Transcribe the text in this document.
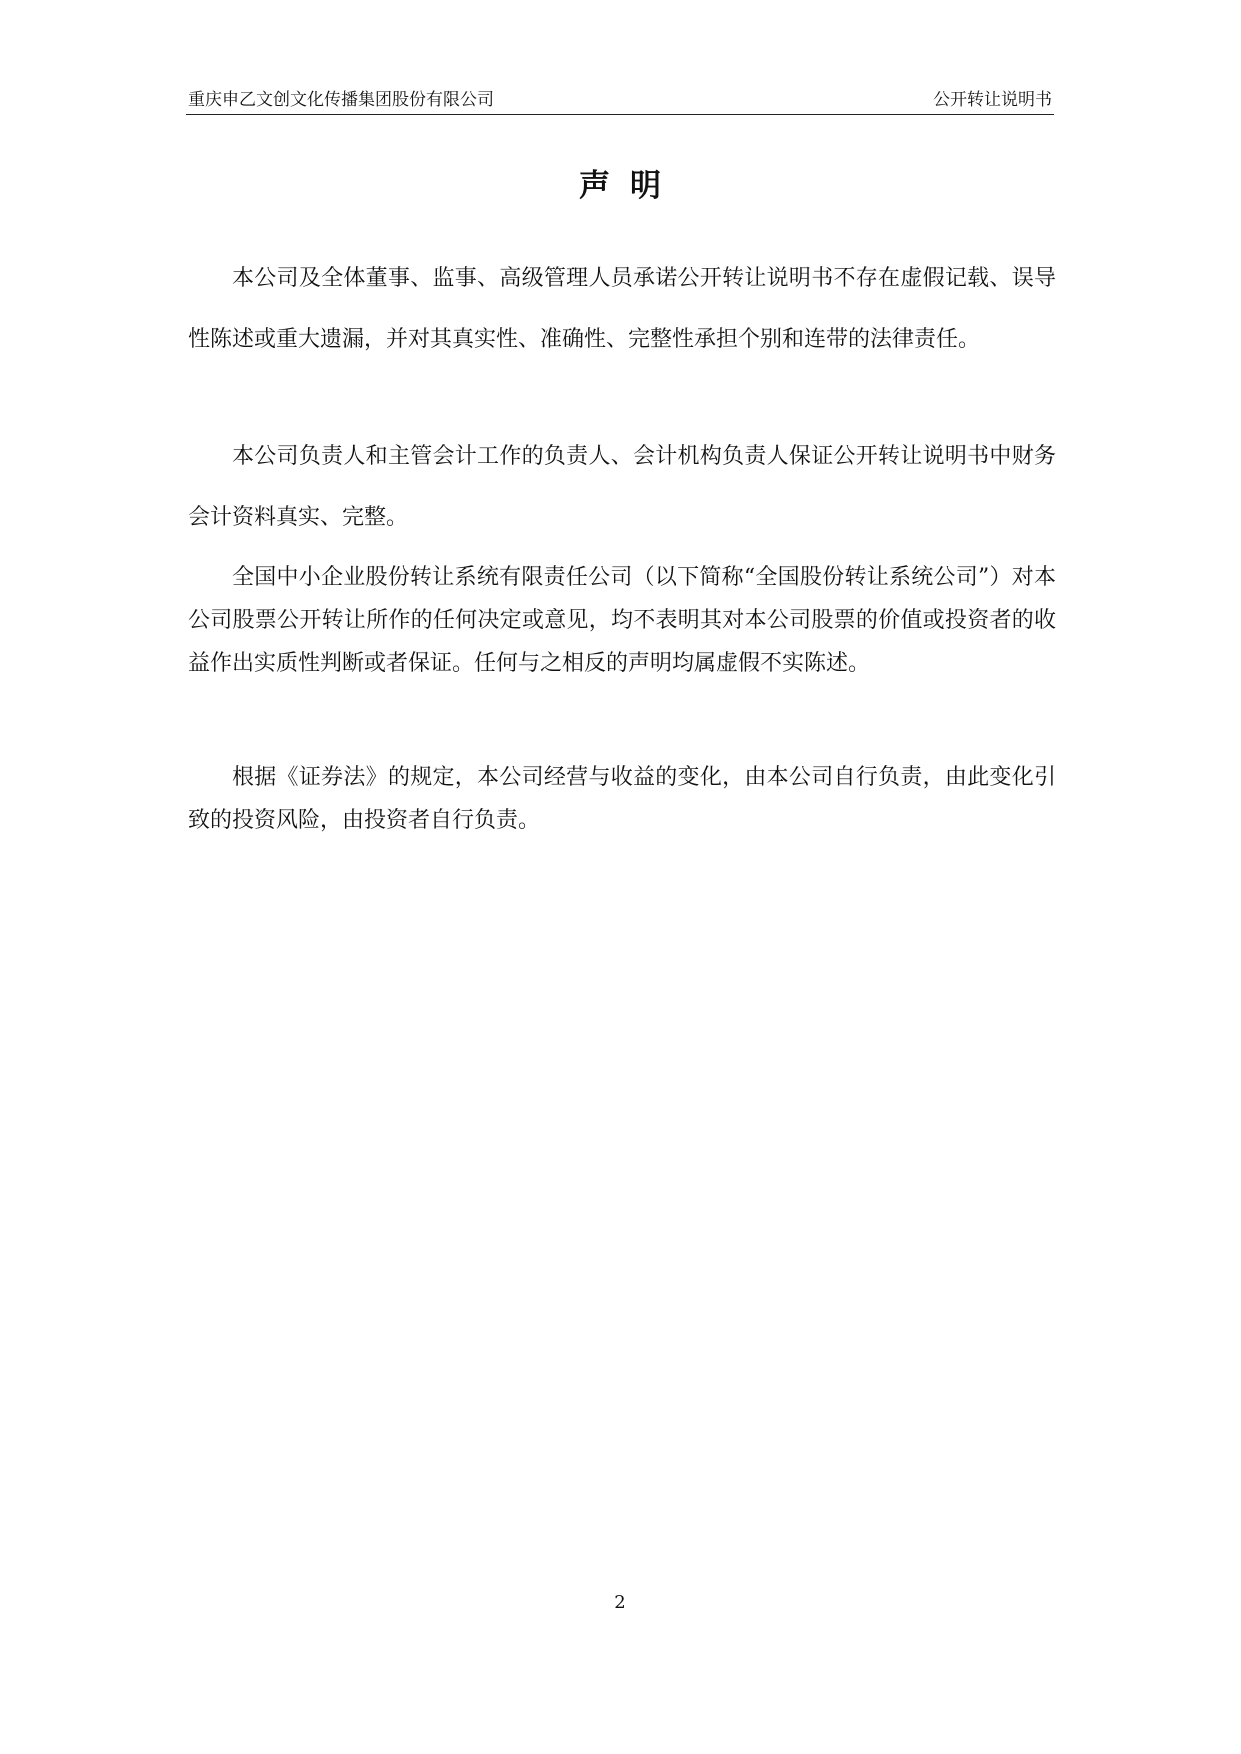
重庆申乙文创文化传播集团股份有限公司	公开转让说明书
声明

本公司及全体董事、监事、高级管理人员承诺公开转让说明书不存在虚假记载、误导性陈述或重大遗漏，并对其真实性、准确性、完整性承担个别和连带的法律责任。

本公司负责人和主管会计工作的负责人、会计机构负责人保证公开转让说明书中财务会计资料真实、完整。

全国中小企业股份转让系统有限责任公司（以下简称“全国股份转让系统公司”）对本公司股票公开转让所作的任何决定或意见，均不表明其对本公司股票的价值或投资者的收益作出实质性判断或者保证。任何与之相反的声明均属虚假不实陈述。

根据《证券法》的规定，本公司经营与收益的变化，由本公司自行负责，由此变化引致的投资风险，由投资者自行负责。

2
